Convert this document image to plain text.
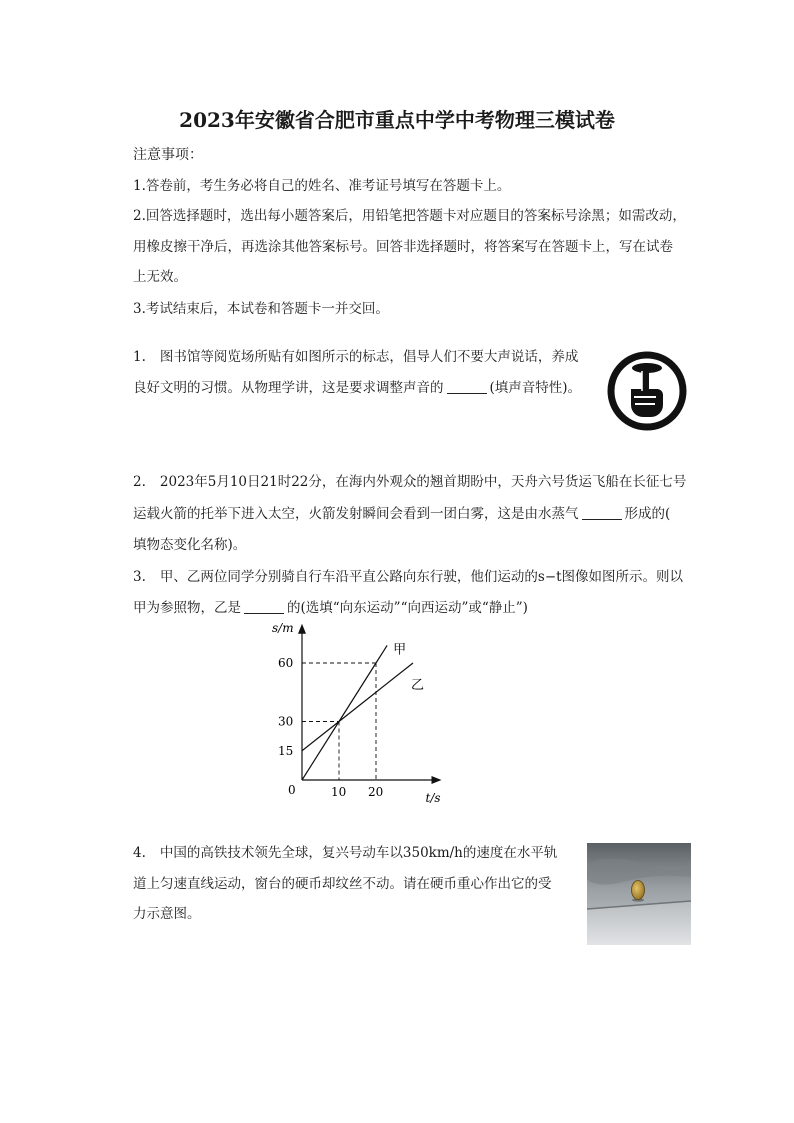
2023年安徽省合肥市重点中学中考物理三模试卷
注意事项：
1.答卷前，考生务必将自己的姓名、准考证号填写在答题卡上。
2.回答选择题时，选出每小题答案后，用铅笔把答题卡对应题目的答案标号涂黑；如需改动，
用橡皮擦干净后，再选涂其他答案标号。回答非选择题时，将答案写在答题卡上，写在试卷
上无效。
3.考试结束后，本试卷和答题卡一并交回。
1. 图书馆等阅览场所贴有如图所示的标志，倡导人们不要大声说话，养成
良好文明的习惯。从物理学讲，这是要求调整声音的	(填声音特性)。
2. 2023年5月10日21时22分，在海内外观众的翘首期盼中，天舟六号货运飞船在长征七号
运载火箭的托举下进入太空，火箭发射瞬间会看到一团白雾，这是由水蒸气	形成的(
填物态变化名称)。
3. 甲、乙两位同学分别骑自行车沿平直公路向东行驶，他们运动的s−t图像如图所示。则以
甲为参照物，乙是	的(选填“向东运动”“向西运动”或“静止”)
s/m
t/s
0	10 20
15
30
60
甲
乙
4. 中国的高铁技术领先全球，复兴号动车以350km/h的速度在水平轨
道上匀速直线运动，窗台的硬币却纹丝不动。请在硬币重心作出它的受
力示意图。
